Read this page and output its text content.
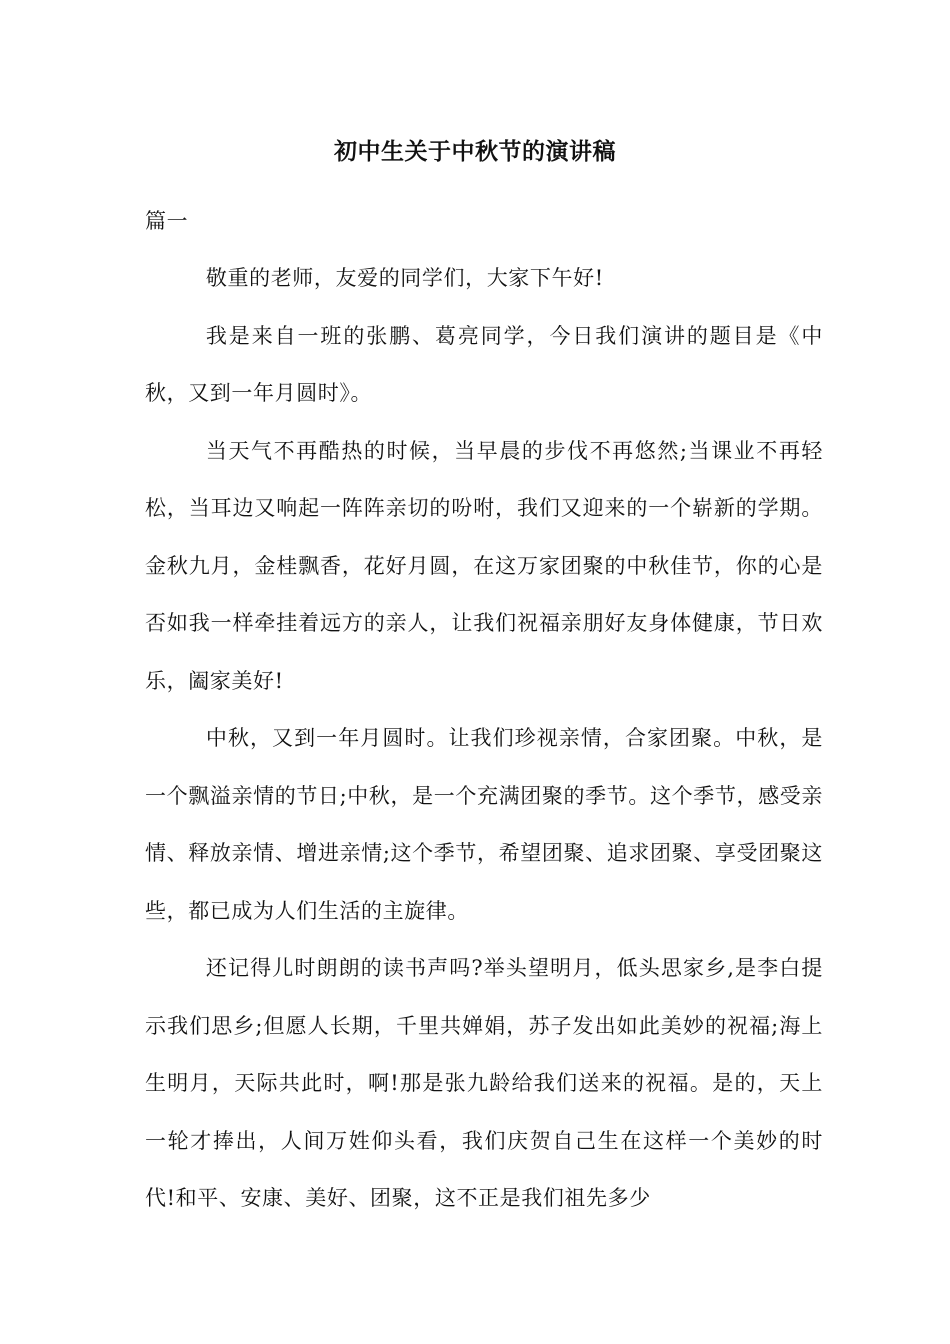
初中生关于中秋节的演讲稿
篇一

敬重的老师，友爱的同学们，大家下午好!

我是来自一班的张鹏、葛亮同学，今日我们演讲的题目是《中秋，又到一年月圆时》。

当天气不再酷热的时候，当早晨的步伐不再悠然;当课业不再轻松，当耳边又响起一阵阵亲切的吩咐，我们又迎来的一个崭新的学期。金秋九月，金桂飘香，花好月圆，在这万家团聚的中秋佳节，你的心是否如我一样牵挂着远方的亲人，让我们祝福亲朋好友身体健康，节日欢乐，阖家美好!

中秋，又到一年月圆时。让我们珍视亲情，合家团聚。中秋，是一个飘溢亲情的节日;中秋，是一个充满团聚的季节。这个季节，感受亲情、释放亲情、增进亲情;这个季节，希望团聚、追求团聚、享受团聚这些，都已成为人们生活的主旋律。

还记得儿时朗朗的读书声吗?举头望明月，低头思家乡,是李白提示我们思乡;但愿人长期，千里共婵娟，苏子发出如此美妙的祝福;海上生明月，天际共此时，啊!那是张九龄给我们送来的祝福。是的，天上一轮才捧出，人间万姓仰头看，我们庆贺自己生在这样一个美妙的时代!和平、安康、美好、团聚，这不正是我们祖先多少
